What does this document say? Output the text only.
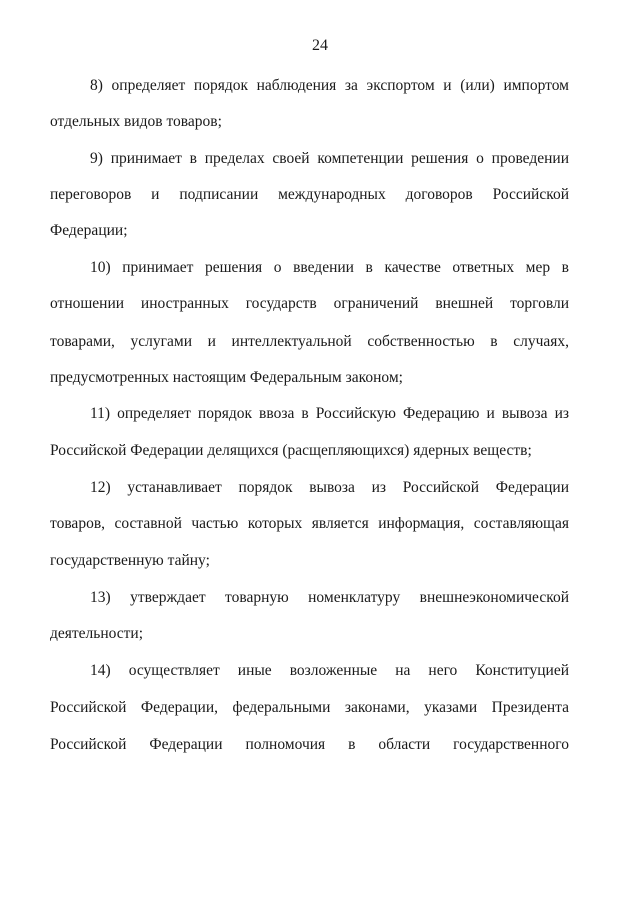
24
8) определяет порядок наблюдения за экспортом и (или) импортом
отдельных видов товаров;
9) принимает в пределах своей компетенции решения о проведении
переговоров и подписании международных договоров Российской
Федерации;
10) принимает решения о введении в качестве ответных мер в
отношении иностранных государств ограничений внешней торговли
товарами, услугами и интеллектуальной собственностью в случаях,
предусмотренных настоящим Федеральным законом;
11) определяет порядок ввоза в Российскую Федерацию и вывоза из
Российской Федерации делящихся (расщепляющихся) ядерных веществ;
12) устанавливает порядок вывоза из Российской Федерации
товаров, составной частью которых является информация, составляющая
государственную тайну;
13) утверждает товарную номенклатуру внешнеэкономической
деятельности;
14) осуществляет иные возложенные на него Конституцией
Российской Федерации, федеральными законами, указами Президента
Российской Федерации полномочия в области государственного
